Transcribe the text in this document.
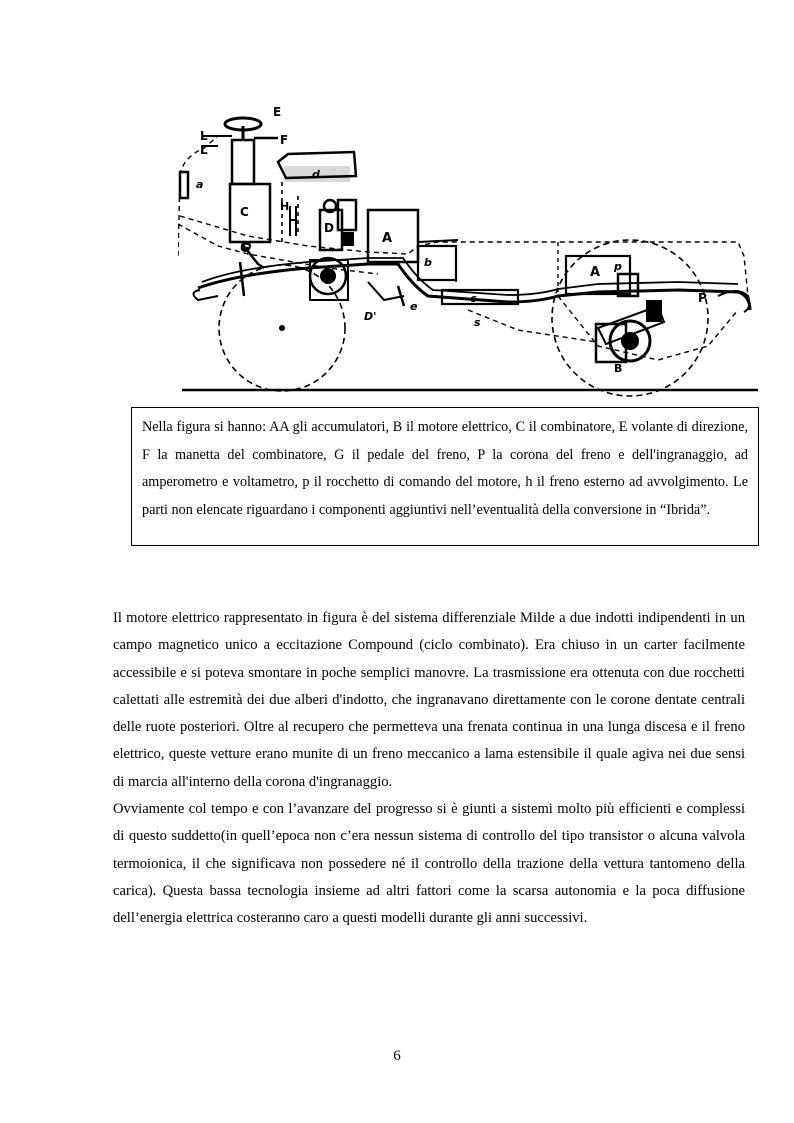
E
F
L
L
a
C
d
H
D
G
A
b
c
D'
e
s
A p
P
B

Nella figura si hanno: AA gli accumulatori, B il motore elettrico, C il combinatore, E volante di direzione, F la manetta del combinatore, G il pedale del freno, P la corona del freno e dell'ingranaggio, ad amperometro e voltametro, p il rocchetto di comando del motore, h il freno esterno ad avvolgimento. Le parti non elencate riguardano i componenti aggiuntivi nell’eventualità della conversione in “Ibrida”.

Il motore elettrico rappresentato in figura è del sistema differenziale Milde a due indotti indipendenti in un campo magnetico unico a eccitazione Compound (ciclo combinato). Era chiuso in un carter facilmente accessibile e si poteva smontare in poche semplici manovre. La trasmissione era ottenuta con due rocchetti calettati alle estremità dei due alberi d'indotto, che ingranavano direttamente con le corone dentate centrali delle ruote posteriori. Oltre al recupero che permetteva una frenata continua in una lunga discesa e il freno elettrico, queste vetture erano munite di un freno meccanico a lama estensibile il quale agiva nei due sensi di marcia all'interno della corona d'ingranaggio.

Ovviamente col tempo e con l’avanzare del progresso si è giunti a sistemi molto più efficienti e complessi di questo suddetto(in quell’epoca non c’era nessun sistema di controllo del tipo transistor o alcuna valvola termoionica, il che significava non possedere né il controllo della trazione della vettura tantomeno della carica). Questa bassa tecnologia insieme ad altri fattori come la scarsa autonomia e la poca diffusione dell’energia elettrica costeranno caro a questi modelli durante gli anni successivi.

6
